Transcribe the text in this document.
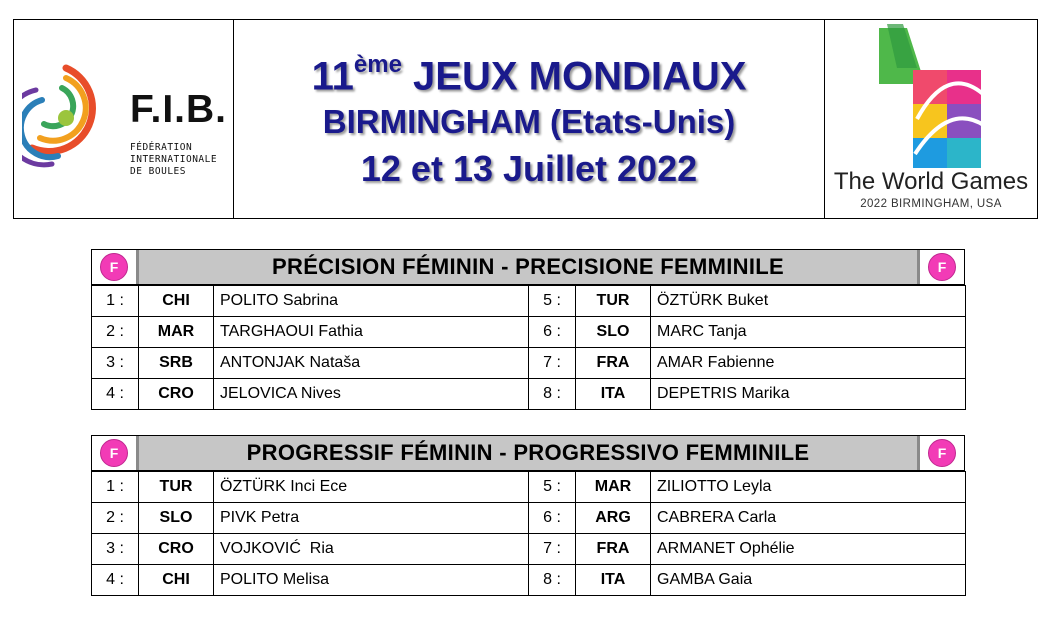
F.I.B.
FÉDÉRATION
INTERNATIONALE
DE BOULES
11ème JEUX MONDIAUX
BIRMINGHAM (Etats-Unis)
12 et 13 Juillet 2022	The World Games
2022 BIRMINGHAM, USA
F	PRÉCISION FÉMININ - PRECISIONE FEMMINILE	F
1 :	CHI	POLITO Sabrina	5 :	TUR	ÖZTÜRK Buket
2 :	MAR	TARGHAOUI Fathia	6 :	SLO	MARC Tanja
3 :	SRB	ANTONJAK Nataša	7 :	FRA	AMAR Fabienne
4 :	CRO	JELOVICA Nives	8 :	ITA	DEPETRIS Marika
F	PROGRESSIF FÉMININ - PROGRESSIVO FEMMINILE	F
1 :	TUR	ÖZTÜRK Inci Ece	5 :	MAR	ZILIOTTO Leyla
2 :	SLO	PIVK Petra	6 :	ARG	CABRERA Carla
3 :	CRO	VOJKOVIĆ  Ria	7 :	FRA	ARMANET Ophélie
4 :	CHI	POLITO Melisa	8 :	ITA	GAMBA Gaia
